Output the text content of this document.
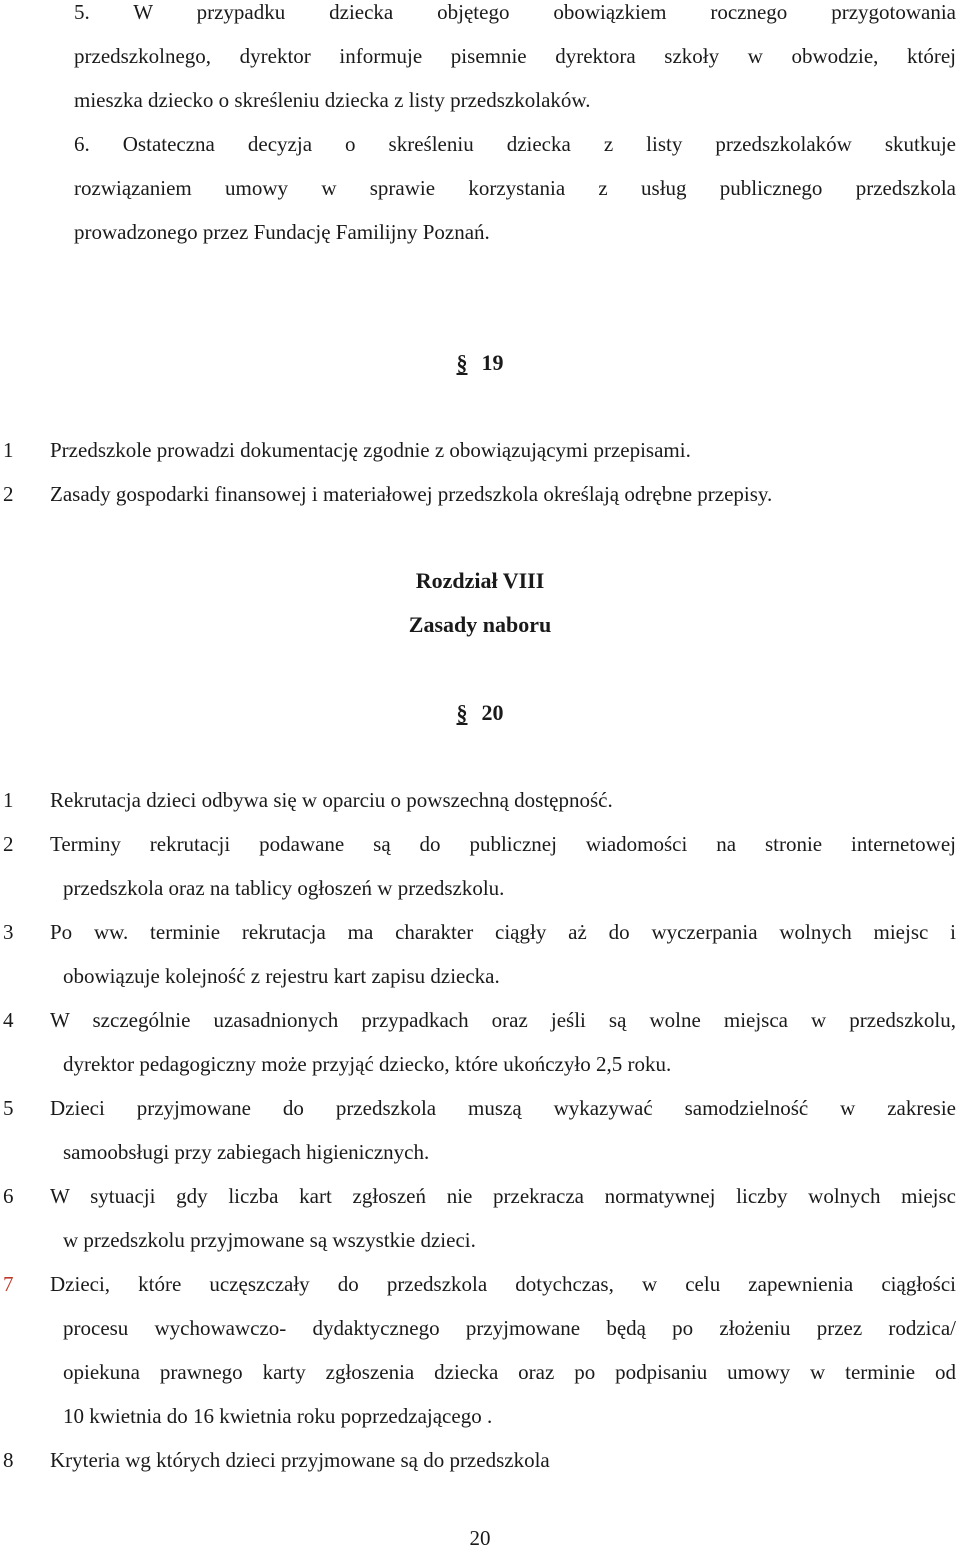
5. W przypadku dziecka objętego obowiązkiem rocznego przygotowania
przedszkolnego, dyrektor informuje pisemnie dyrektora szkoły w obwodzie, której
mieszka dziecko o skreśleniu dziecka z listy przedszkolaków.
6. Ostateczna decyzja o skreśleniu dziecka z listy przedszkolaków skutkuje
rozwiązaniem umowy w sprawie korzystania z usług publicznego przedszkola
prowadzonego przez Fundację Familijny Poznań.
§ 19
1 Przedszkole prowadzi dokumentację zgodnie z obowiązującymi przepisami.
2 Zasady gospodarki finansowej i materiałowej przedszkola określają odrębne przepisy.
Rozdział VIII
Zasady naboru
§ 20
1 Rekrutacja dzieci odbywa się w oparciu o powszechną dostępność.
2 Terminy rekrutacji podawane są do publicznej wiadomości na stronie internetowej
przedszkola oraz na tablicy ogłoszeń w przedszkolu.
3 Po ww. terminie rekrutacja ma charakter ciągły aż do wyczerpania wolnych miejsc i
obowiązuje kolejność z rejestru kart zapisu dziecka.
4 W szczególnie uzasadnionych przypadkach oraz jeśli są wolne miejsca w przedszkolu,
dyrektor pedagogiczny może przyjąć dziecko, które ukończyło 2,5 roku.
5 Dzieci przyjmowane do przedszkola muszą wykazywać samodzielność w zakresie
samoobsługi przy zabiegach higienicznych.
6 W sytuacji gdy liczba kart zgłoszeń nie przekracza normatywnej liczby wolnych miejsc
w przedszkolu przyjmowane są wszystkie dzieci.
7 Dzieci, które uczęszczały do przedszkola dotychczas, w celu zapewnienia ciągłości
procesu wychowawczo- dydaktycznego przyjmowane będą po złożeniu przez rodzica/
opiekuna prawnego karty zgłoszenia dziecka oraz po podpisaniu umowy w terminie od
10 kwietnia do 16 kwietnia roku poprzedzającego .
8 Kryteria wg których dzieci przyjmowane są do przedszkola
20
